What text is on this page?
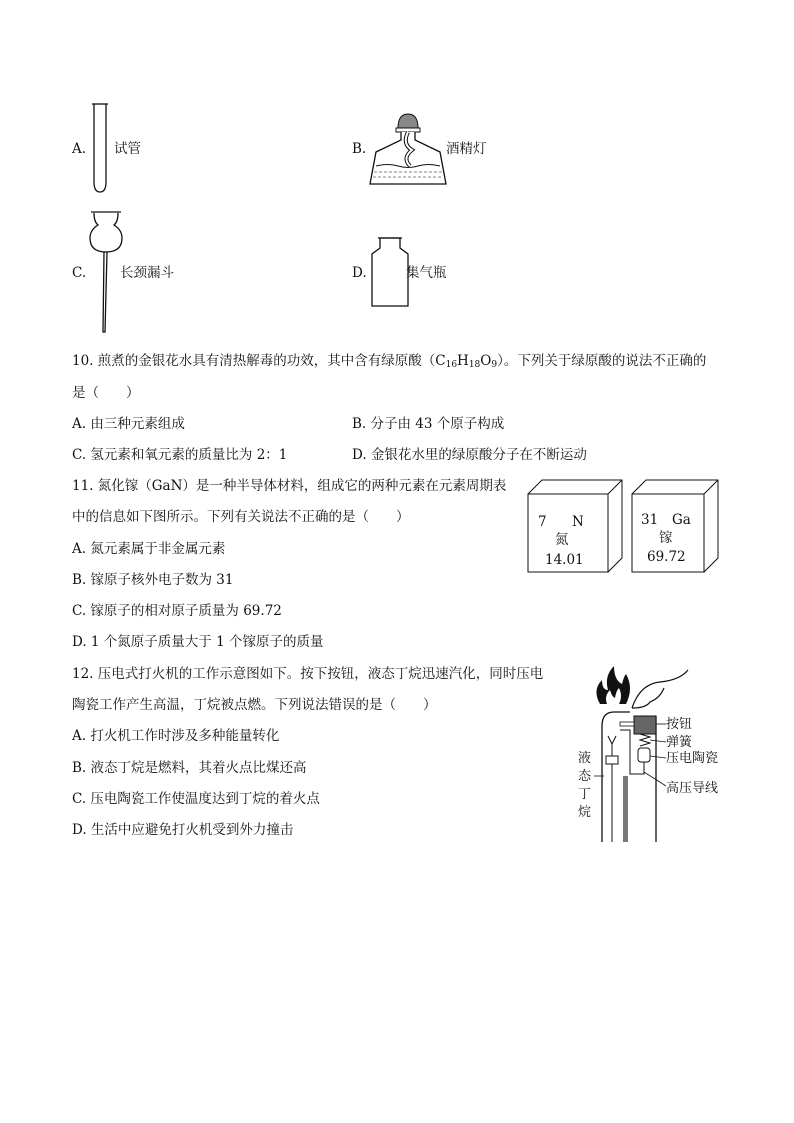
A. 试管	B.	酒精灯
C.	长颈漏斗	D.	集气瓶
10. 煎煮的金银花水具有清热解毒的功效，其中含有绿原酸$(C_{16}H_{18}O_9)$。下列关于绿原酸的说法不正确的
是（　　）
A. 由三种元素组成	B. 分子由 43 个原子构成
C. 氢元素和氧元素的质量比为 2：1	D. 金银花水里的绿原酸分子在不断运动
11. 氮化镓（GaN）是一种半导体材料，组成它的两种元素在元素周期表
中的信息如下图所示。下列有关说法不正确的是（　　）
A. 氮元素属于非金属元素
B. 镓原子核外电子数为 31
C. 镓原子的相对原子质量为 69.72
D. 1 个氮原子质量大于 1 个镓原子的质量
7 N
氮
14.01
31 Ga
镓
69.72
12. 压电式打火机的工作示意图如下。按下按钮，液态丁烷迅速汽化，同时压电
陶瓷工作产生高温，丁烷被点燃。下列说法错误的是（　　）
A. 打火机工作时涉及多种能量转化
B. 液态丁烷是燃料，其着火点比煤还高
C. 压电陶瓷工作使温度达到丁烷的着火点
D. 生活中应避免打火机受到外力撞击
按钮
弹簧
压电陶瓷
高压导线
液
态
丁
烷
